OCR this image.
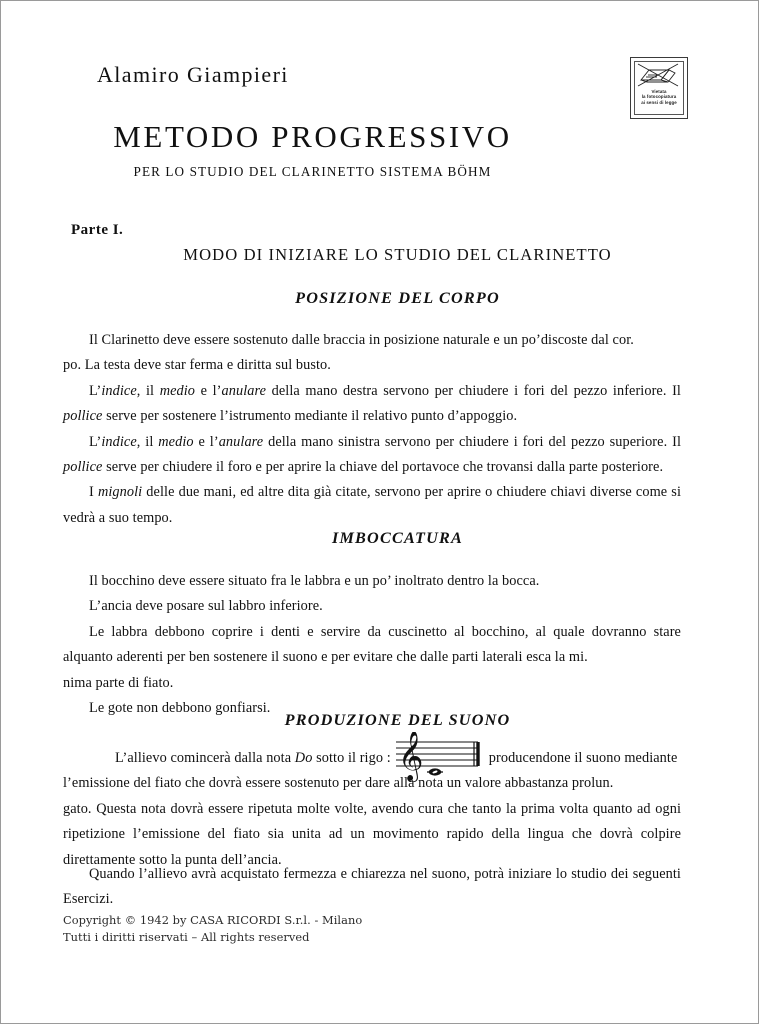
Alamiro Giampieri
Vietata
la fotocopiatura
ai sensi di legge
METODO PROGRESSIVO
PER LO STUDIO DEL CLARINETTO SISTEMA BÖHM
Parte I.
MODO DI INIZIARE LO STUDIO DEL CLARINETTO
POSIZIONE DEL CORPO

Il Clarinetto deve essere sostenuto dalle braccia in posizione naturale e un po’discoste dal cor.
po. La testa deve star ferma e diritta sul busto.

L’indice, il medio e l’anulare della mano destra servono per chiudere i fori del pezzo inferiore. Il pollice serve per sostenere l’istrumento mediante il relativo punto d’appoggio.

L’indice, il medio e l’anulare della mano sinistra servono per chiudere i fori del pezzo superiore. Il pollice serve per chiudere il foro e per aprire la chiave del portavoce che trovansi dalla parte posteriore.

I mignoli delle due mani, ed altre dita già citate, servono per aprire o chiudere chiavi diverse come si vedrà a suo tempo.

IMBOCCATURA

Il bocchino deve essere situato fra le labbra e un po’ inoltrato dentro la bocca.

L’ancia deve posare sul labbro inferiore.

Le labbra debbono coprire i denti e servire da cuscinetto al bocchino, al quale dovranno stare alquanto aderenti per ben sostenere il suono e per evitare che dalle parti laterali esca la mi.
nima parte di fiato.

Le gote non debbono gonfiarsi.

PRODUZIONE DEL SUONO

L’allievo comincerà dalla nota Do sotto il rigo : 𝄞	producendone il suono mediante

l’emissione del fiato che dovrà essere sostenuto per dare alla nota un valore abbastanza prolun.
gato. Questa nota dovrà essere ripetuta molte volte, avendo cura che tanto la prima volta quanto ad ogni ripetizione l’emissione del fiato sia unita ad un movimento rapido della lingua che dovrà colpire direttamente sotto la punta dell’ancia.

Quando l’allievo avrà acquistato fermezza e chiarezza nel suono, potrà iniziare lo studio dei seguenti Esercizi.

Copyright © 1942 by CASA RICORDI S.r.l. - Milano
Tutti i diritti riservati – All rights reserved
